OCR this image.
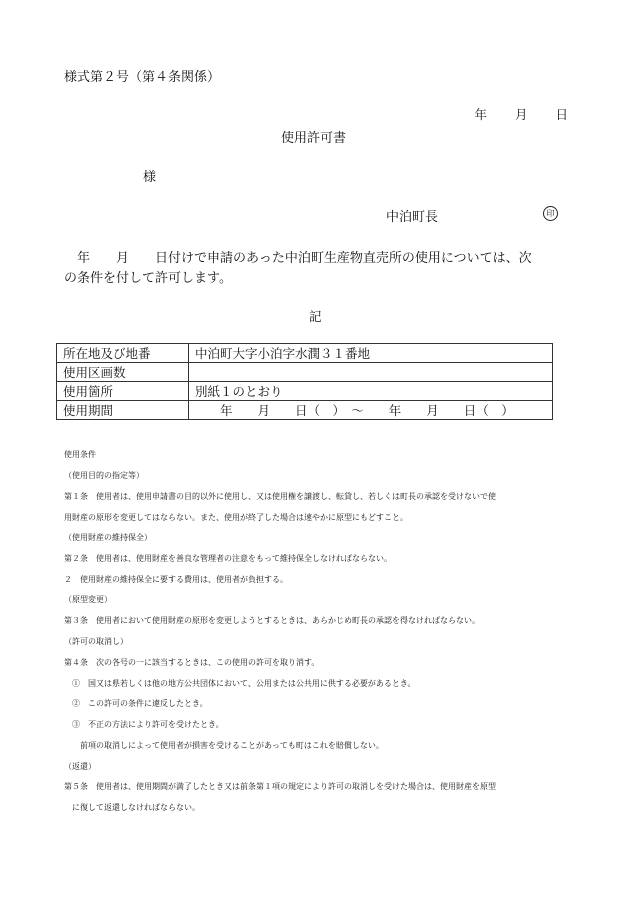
様式第２号（第４条関係）
年 月 日
使用許可書
様
中泊町長	印
　年　　月　　日付けで申請のあった中泊町生産物直売所の使用については、次
の条件を付して許可します。
記
所在地及び地番	中泊町大字小泊字水潤３１番地
使用区画数	
使用箇所	別紙１のとおり
使用期間	　　年　　月　　日（　）　～　　年　　月　　日（　）
使用条件
（使用目的の指定等）
第１条　使用者は、使用申請書の目的以外に使用し、又は使用権を譲渡し、転貸し、若しくは町長の承認を受けないで使
用財産の原形を変更してはならない。また、使用が終了した場合は速やかに原型にもどすこと。
（使用財産の維持保全）
第２条　使用者は、使用財産を善良な管理者の注意をもって維持保全しなければならない。
２　使用財産の維持保全に要する費用は、使用者が負担する。
（原型変更）
第３条　使用者において使用財産の原形を変更しようとするときは、あらかじめ町長の承認を得なければならない。
（許可の取消し）
第４条　次の各号の一に該当するときは、この使用の許可を取り消す。
　①　国又は県若しくは他の地方公共団体において、公用または公共用に供する必要があるとき。
　②　この許可の条件に違反したとき。
　③　不正の方法により許可を受けたとき。
　　前項の取消しによって使用者が損害を受けることがあっても町はこれを賠償しない。
（返還）
第５条　使用者は、使用期間が満了したとき又は前条第１項の規定により許可の取消しを受けた場合は、使用財産を原型
　に復して返還しなければならない。
